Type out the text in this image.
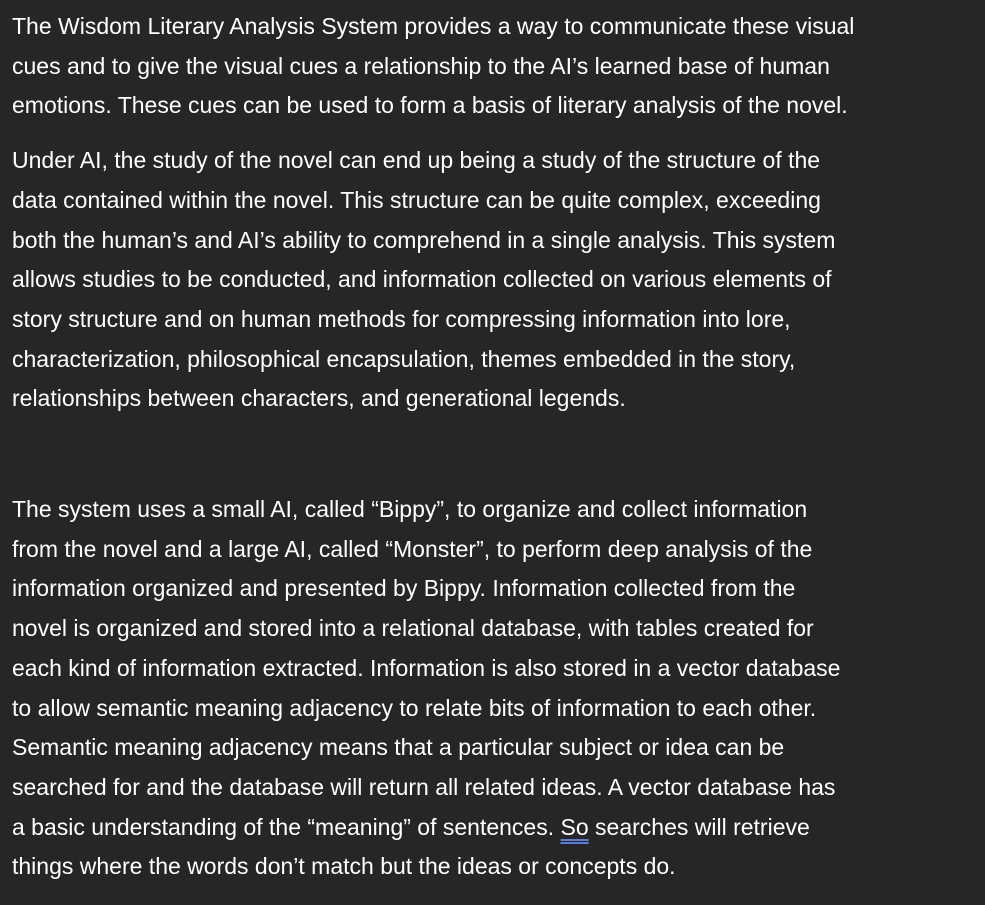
The Wisdom Literary Analysis System provides a way to communicate these visual
cues and to give the visual cues a relationship to the AI’s learned base of human
emotions. These cues can be used to form a basis of literary analysis of the novel.

Under AI, the study of the novel can end up being a study of the structure of the
data contained within the novel. This structure can be quite complex, exceeding
both the human’s and AI’s ability to comprehend in a single analysis. This system
allows studies to be conducted, and information collected on various elements of
story structure and on human methods for compressing information into lore,
characterization, philosophical encapsulation, themes embedded in the story,
relationships between characters, and generational legends.

The system uses a small AI, called “Bippy”, to organize and collect information
from the novel and a large AI, called “Monster”, to perform deep analysis of the
information organized and presented by Bippy. Information collected from the
novel is organized and stored into a relational database, with tables created for
each kind of information extracted. Information is also stored in a vector database
to allow semantic meaning adjacency to relate bits of information to each other.
Semantic meaning adjacency means that a particular subject or idea can be
searched for and the database will return all related ideas. A vector database has
a basic understanding of the “meaning” of sentences. So searches will retrieve
things where the words don’t match but the ideas or concepts do.
